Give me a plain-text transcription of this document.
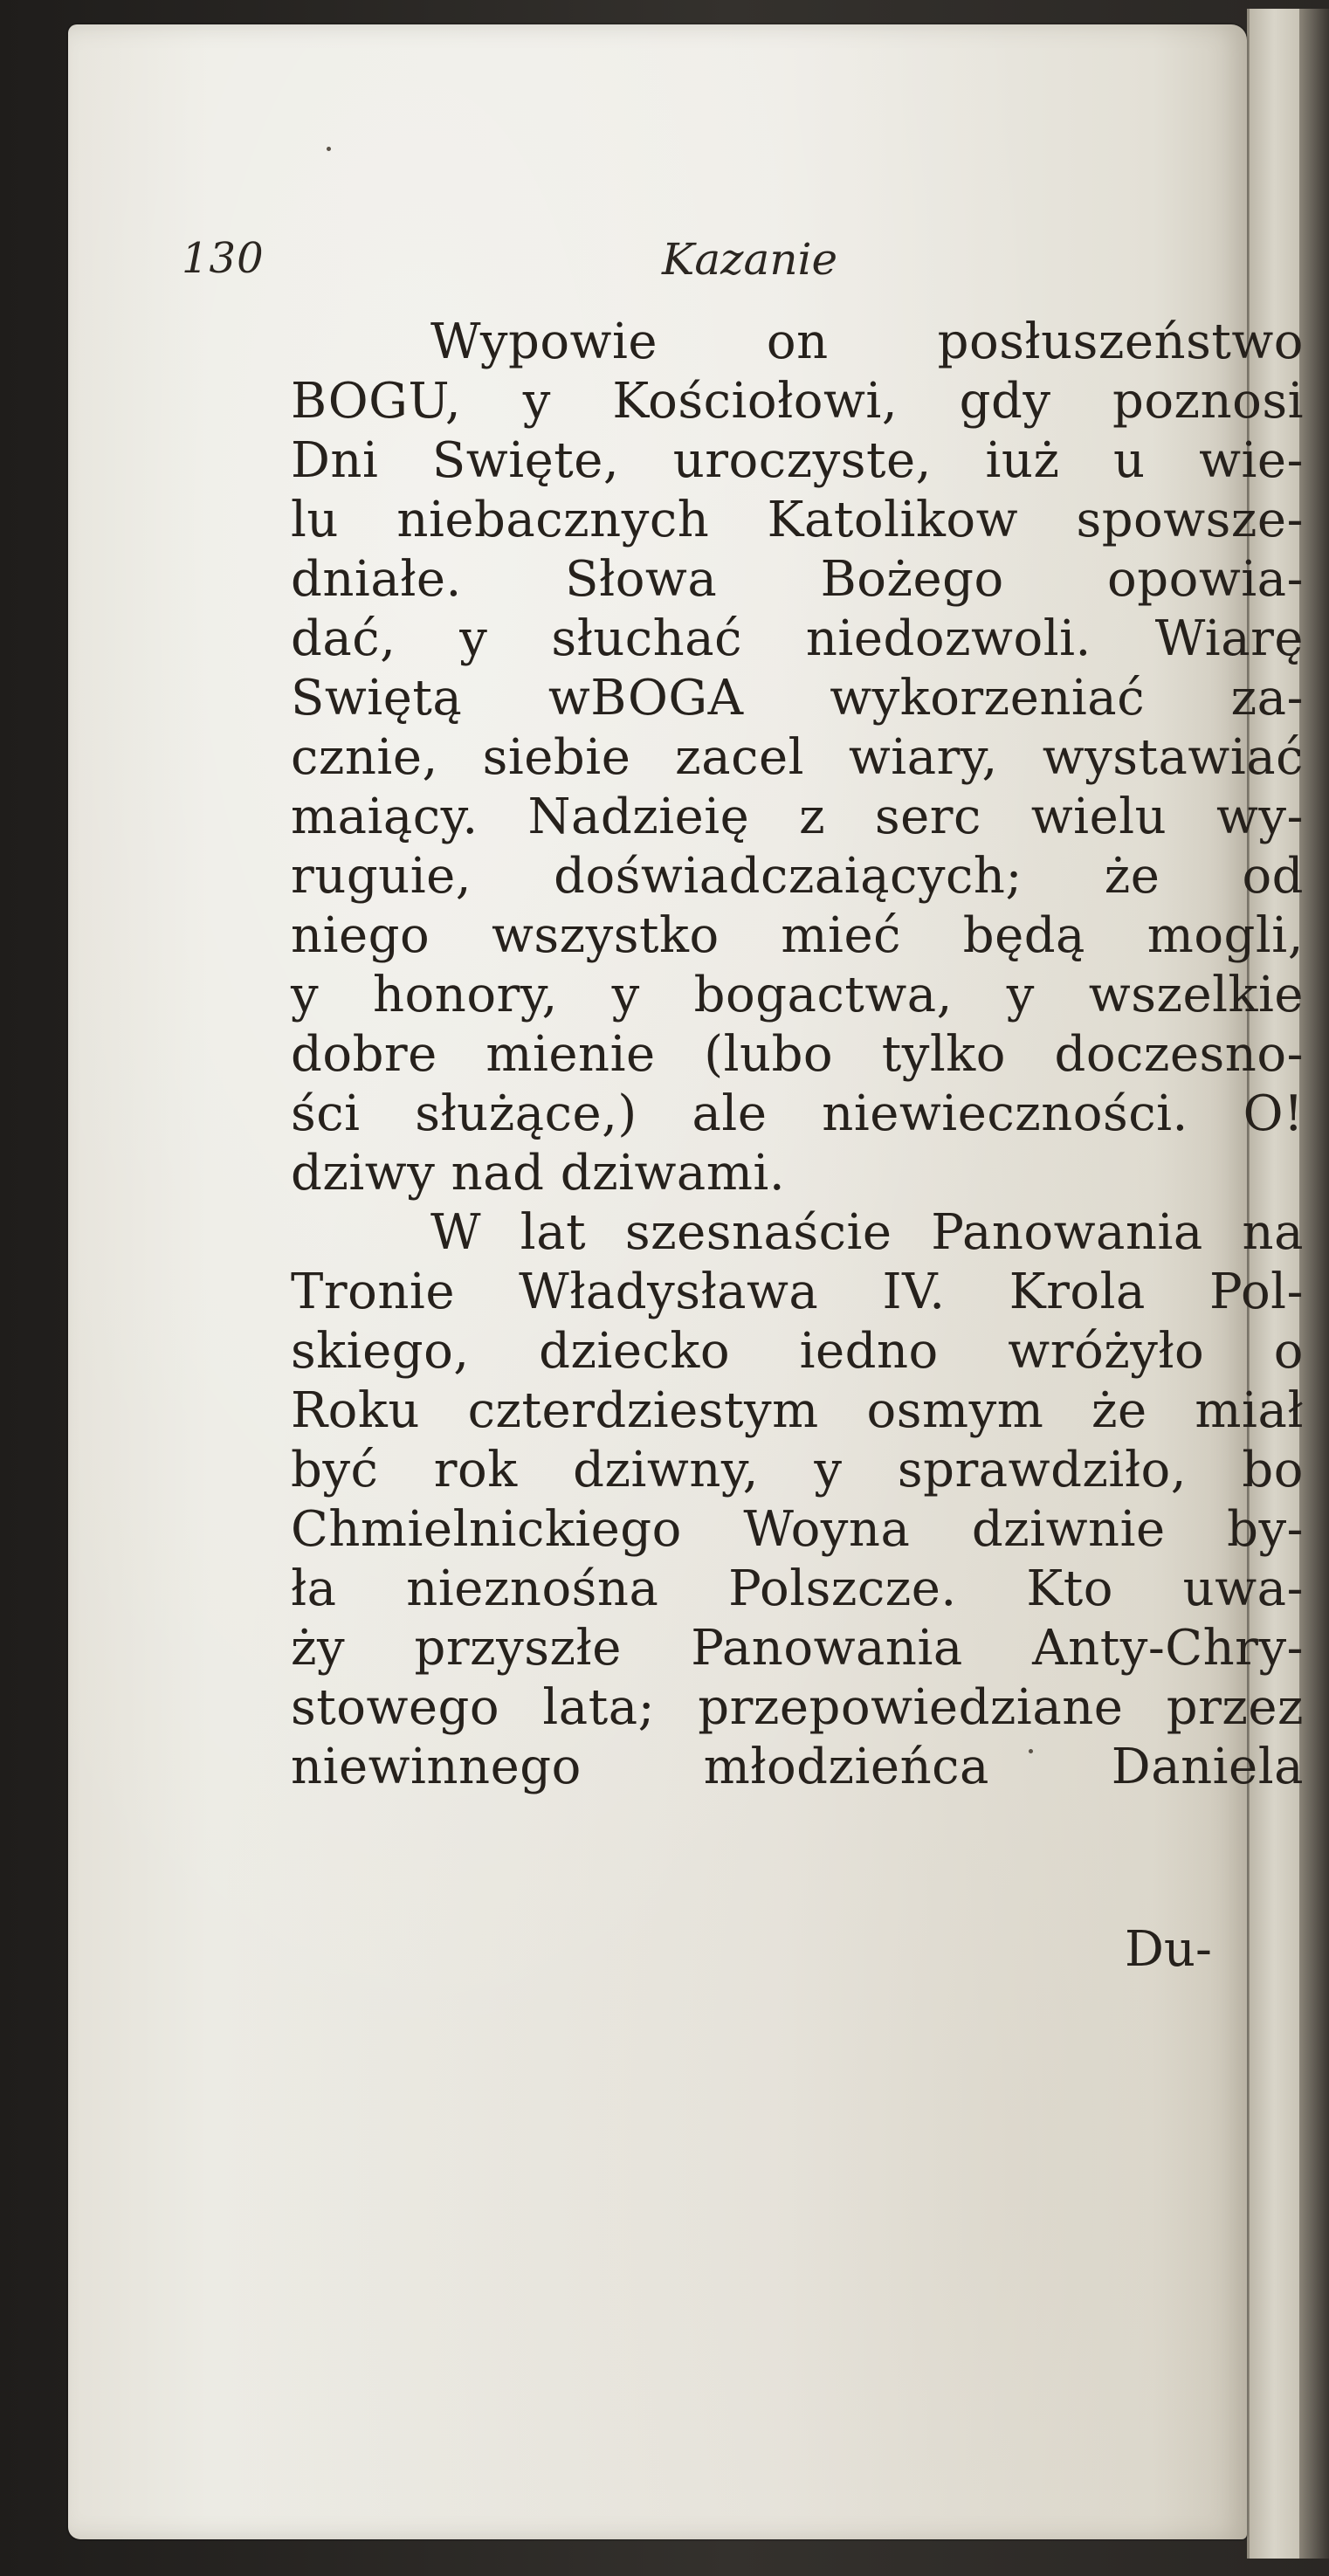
130	Kazanie
Wypowie on posłuszeństwo
BOGU, y Kościołowi, gdy poznosi
Dni Swięte, uroczyste, iuż u wie-
lu niebacznych Katolikow spowsze-
dniałe. Słowa Bożego opowia-
dać, y słuchać niedozwoli. Wiarę
Swiętą wBOGA wykorzeniać za-
cznie, siebie zacel wiary, wystawiać
maiący. Nadzieię z serc wielu wy-
ruguie, doświadczaiących; że od
niego wszystko mieć będą mogli,
y honory, y bogactwa, y wszelkie
dobre mienie (lubo tylko doczesno-
ści służące,) ale niewieczności. O!
dziwy nad dziwami.
W lat szesnaście Panowania na
Tronie Władysława IV. Krola Pol-
skiego, dziecko iedno wróżyło o
Roku czterdziestym osmym że miał
być rok dziwny, y sprawdziło, bo
Chmielnickiego Woyna dziwnie by-
ła nieznośna Polszcze. Kto uwa-
ży przyszłe Panowania Anty-Chry-
stowego lata; przepowiedziane przez
niewinnego młodzieńca Daniela
Du-
